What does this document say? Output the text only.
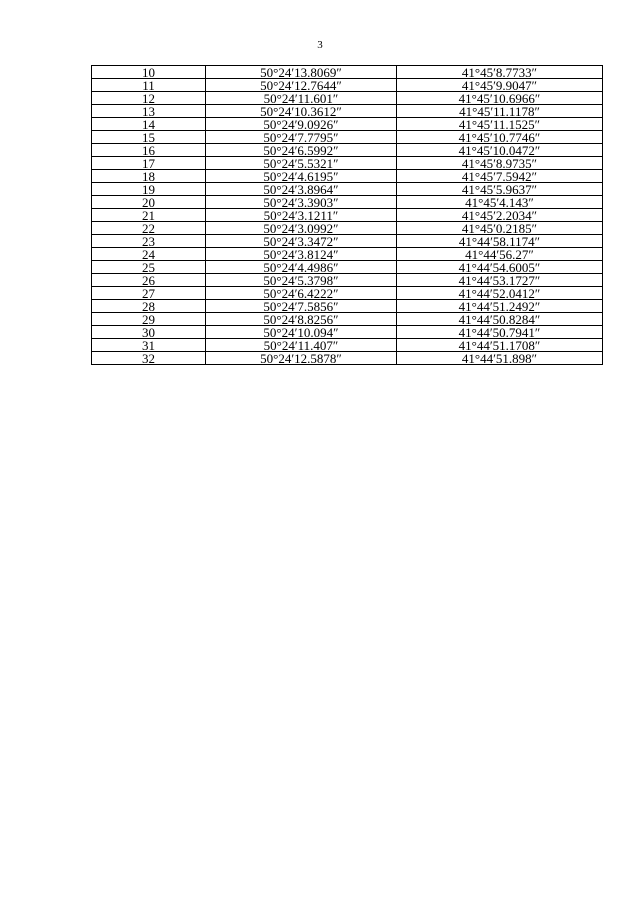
3
10	50°24′13.8069″	41°45′8.7733″
11	50°24′12.7644″	41°45′9.9047″
12	50°24′11.601″	41°45′10.6966″
13	50°24′10.3612″	41°45′11.1178″
14	50°24′9.0926″	41°45′11.1525″
15	50°24′7.7795″	41°45′10.7746″
16	50°24′6.5992″	41°45′10.0472″
17	50°24′5.5321″	41°45′8.9735″
18	50°24′4.6195″	41°45′7.5942″
19	50°24′3.8964″	41°45′5.9637″
20	50°24′3.3903″	41°45′4.143″
21	50°24′3.1211″	41°45′2.2034″
22	50°24′3.0992″	41°45′0.2185″
23	50°24′3.3472″	41°44′58.1174″
24	50°24′3.8124″	41°44′56.27″
25	50°24′4.4986″	41°44′54.6005″
26	50°24′5.3798″	41°44′53.1727″
27	50°24′6.4222″	41°44′52.0412″
28	50°24′7.5856″	41°44′51.2492″
29	50°24′8.8256″	41°44′50.8284″
30	50°24′10.094″	41°44′50.7941″
31	50°24′11.407″	41°44′51.1708″
32	50°24′12.5878″	41°44′51.898″
